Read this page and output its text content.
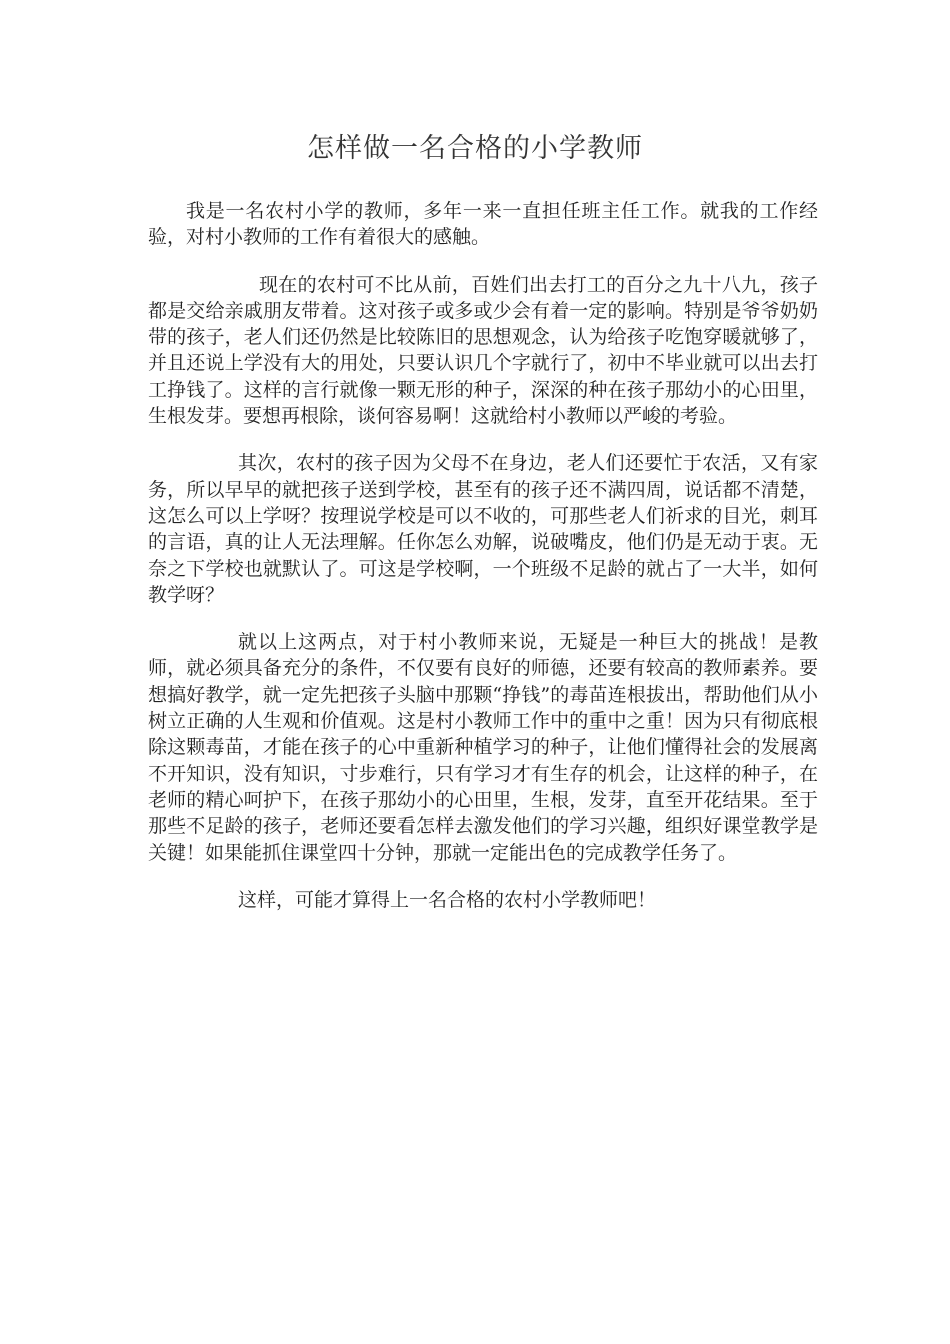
怎样做一名合格的小学教师

我是一名农村小学的教师，多年一来一直担任班主任工作。就我的工作经验，对村小教师的工作有着很大的感触。

现在的农村可不比从前，百姓们出去打工的百分之九十八九，孩子都是交给亲戚朋友带着。这对孩子或多或少会有着一定的影响。特别是爷爷奶奶带的孩子，老人们还仍然是比较陈旧的思想观念，认为给孩子吃饱穿暖就够了，并且还说上学没有大的用处，只要认识几个字就行了，初中不毕业就可以出去打工挣钱了。这样的言行就像一颗无形的种子，深深的种在孩子那幼小的心田里，生根发芽。要想再根除，谈何容易啊！这就给村小教师以严峻的考验。

其次，农村的孩子因为父母不在身边，老人们还要忙于农活，又有家务，所以早早的就把孩子送到学校，甚至有的孩子还不满四周，说话都不清楚，这怎么可以上学呀？按理说学校是可以不收的，可那些老人们祈求的目光，刺耳的言语，真的让人无法理解。任你怎么劝解，说破嘴皮，他们仍是无动于衷。无奈之下学校也就默认了。可这是学校啊，一个班级不足龄的就占了一大半，如何教学呀？

就以上这两点，对于村小教师来说，无疑是一种巨大的挑战！是教师，就必须具备充分的条件，不仅要有良好的师德，还要有较高的教师素养。要想搞好教学，就一定先把孩子头脑中那颗“挣钱”的毒苗连根拔出，帮助他们从小树立正确的人生观和价值观。这是村小教师工作中的重中之重！因为只有彻底根除这颗毒苗，才能在孩子的心中重新种植学习的种子，让他们懂得社会的发展离不开知识，没有知识，寸步难行，只有学习才有生存的机会，让这样的种子，在老师的精心呵护下，在孩子那幼小的心田里，生根，发芽，直至开花结果。至于那些不足龄的孩子，老师还要看怎样去激发他们的学习兴趣，组织好课堂教学是关键！如果能抓住课堂四十分钟，那就一定能出色的完成教学任务了。

这样，可能才算得上一名合格的农村小学教师吧！
